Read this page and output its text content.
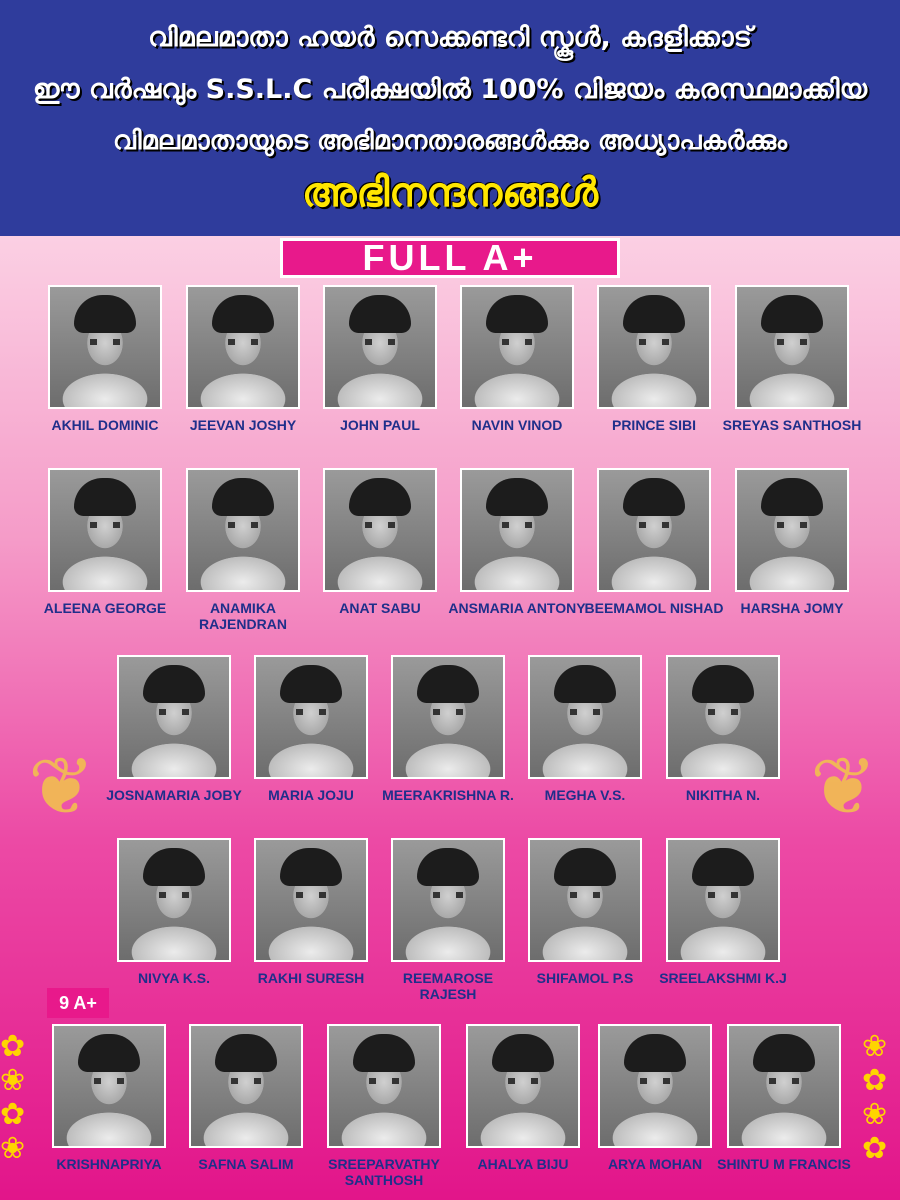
വിമലമാതാ ഹയർ സെക്കണ്ടറി സ്കൂൾ, കദളിക്കാട്
ഈ വർഷവും S.S.L.C പരീക്ഷയിൽ 100% വിജയം കരസ്ഥമാക്കിയ
വിമലമാതായുടെ അഭിമാനതാരങ്ങൾക്കും അധ്യാപകർക്കും
അഭിനന്ദനങ്ങൾ
FULL A+
9 A+
❦	❦
✿
❀
✿
❀
❀
✿
❀
✿
AKHIL DOMINIC	JEEVAN JOSHY	JOHN PAUL	NAVIN VINOD	PRINCE SIBI	SREYAS SANTHOSH
ALEENA GEORGE	ANAMIKA RAJENDRAN
ANAT SABU	ANSMARIA ANTONY
BEEMAMOL NISHAD	HARSHA JOMY
JOSNAMARIA JOBY	MARIA JOJU	MEERAKRISHNA R.	MEGHA V.S.	NIKITHA N.
NIVYA K.S.	RAKHI SURESH	REEMAROSE RAJESH
SHIFAMOL P.S	SREELAKSHMI K.J
KRISHNAPRIYA	SAFNA SALIM	SREEPARVATHY SANTHOSH
AHALYA BIJU	ARYA MOHAN	SHINTU M FRANCIS
